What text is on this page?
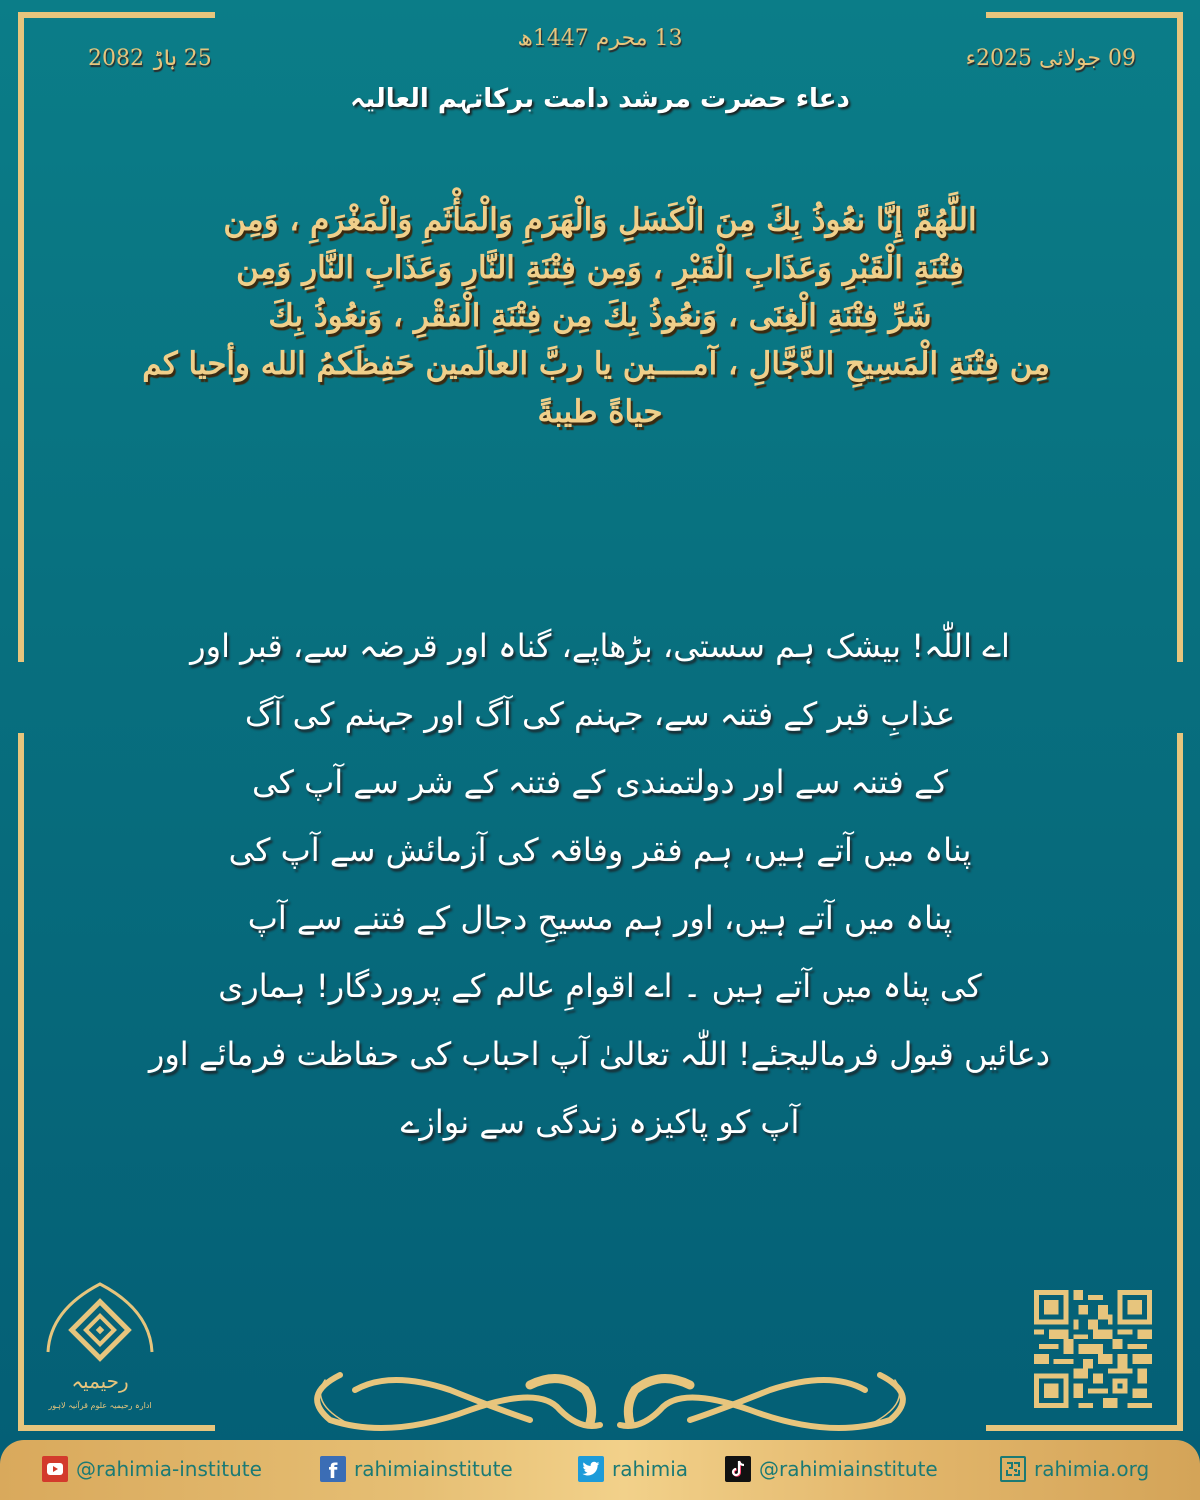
13 محرم 1447ھ
09 جولائی 2025ء
25 ہاڑ 2082
دعاء حضرت مرشد دامت برکاتہم العالیہ
اللَّهُمَّ إِنَّا نعُوذُ بِكَ مِنَ الْكَسَلِ وَالْهَرَمِ وَالْمَأْثَمِ وَالْمَغْرَمِ ، وَمِن
فِتْنَةِ الْقَبْرِ وَعَذَابِ الْقَبْرِ ، وَمِن فِتْنَةِ النَّارِ وَعَذَابِ النَّارِ وَمِن
شَرِّ فِتْنَةِ الْغِنَى ، وَنعُوذُ بِكَ مِن فِتْنَةِ الْفَقْرِ ، وَنعُوذُ بِكَ
مِن فِتْنَةِ الْمَسِيحِ الدَّجَّالِ ، آمــــين يا ربَّ العالَمين حَفِظَكمُ الله وأحيا كم
حياةً طيبةً
اے اللّٰہ! بیشک ہم سستی، بڑھاپے، گناہ اور قرضہ سے، قبر اور
عذابِ قبر کے فتنہ سے، جہنم کی آگ اور جہنم کی آگ
کے فتنہ سے اور دولتمندی کے فتنہ کے شر سے آپ کی
پناہ میں آتے ہیں، ہم فقر وفاقہ کی آزمائش سے آپ کی
پناہ میں آتے ہیں، اور ہم مسیحِ دجال کے فتنے سے آپ
کی پناہ میں آتے ہیں ۔ اے اقوامِ عالم کے پروردگار! ہماری
دعائیں قبول فرمالیجئے! اللّٰہ تعالیٰ آپ احباب کی حفاظت فرمائے اور
آپ کو پاکیزہ زندگی سے نوازے
رحیمیہ
ادارہ رحیمیہ علوم قرآنیہ لاہور
@rahimia-institute	f rahimiainstitute	rahimia	@rahimiainstitute	rahimia.org
